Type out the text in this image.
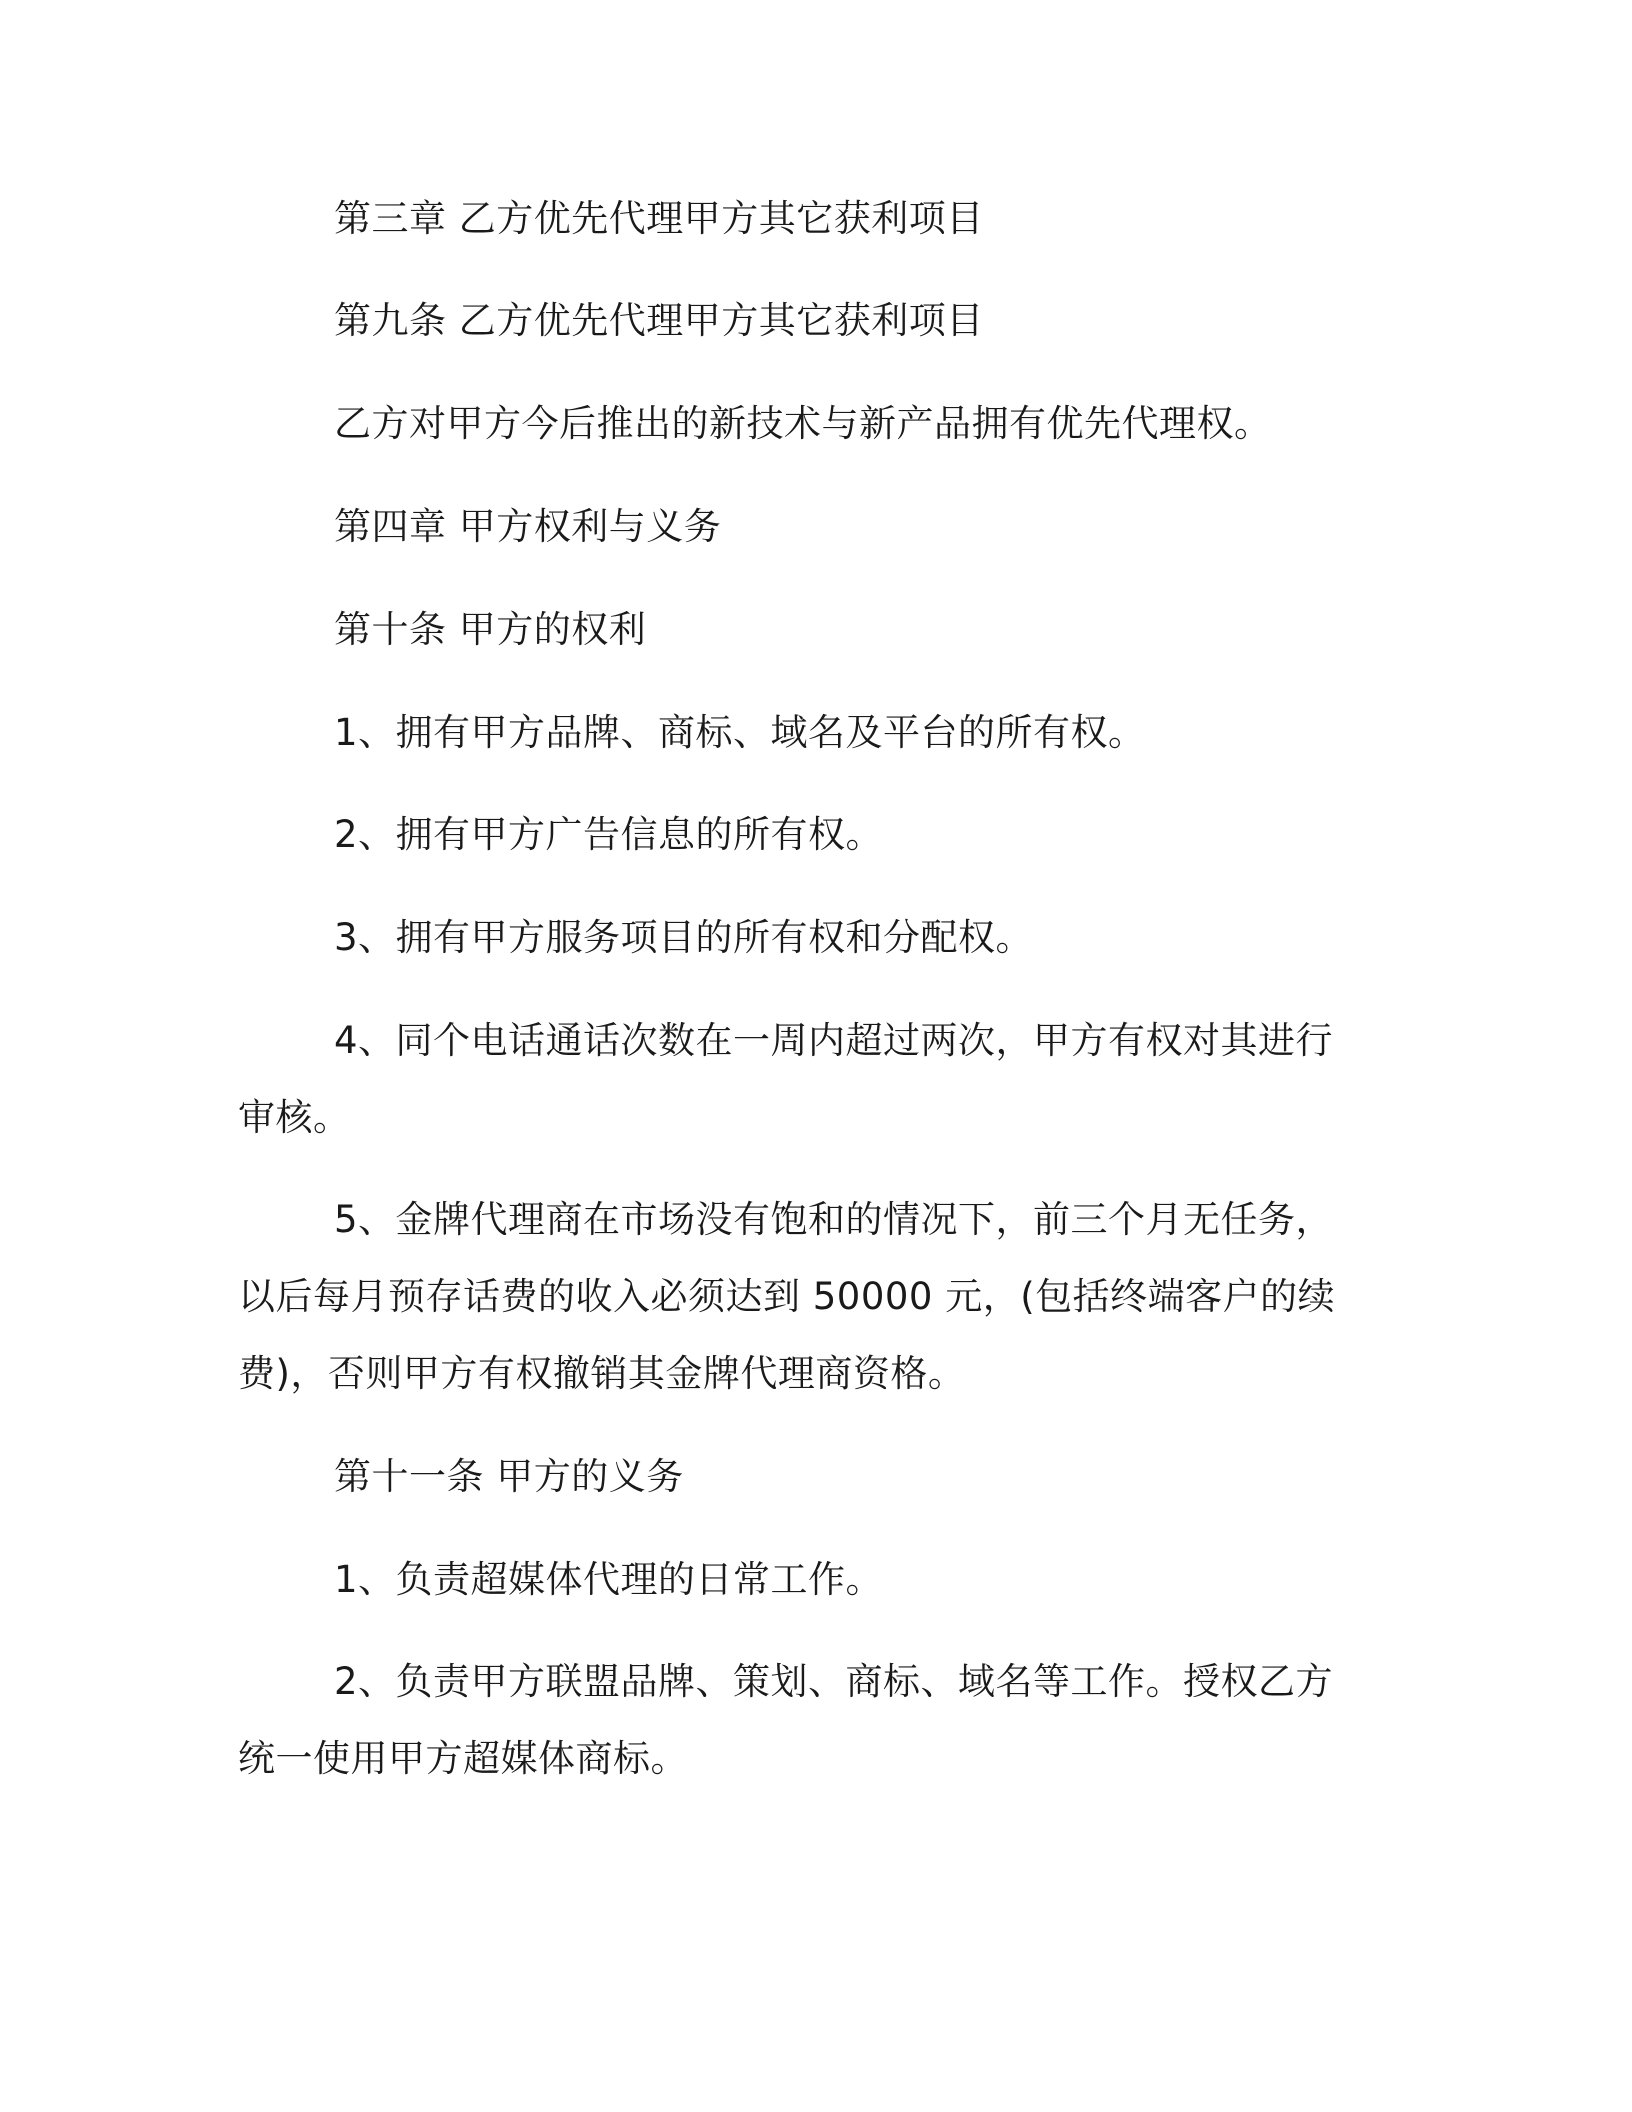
第三章 乙方优先代理甲方其它获利项目

第九条 乙方优先代理甲方其它获利项目

乙方对甲方今后推出的新技术与新产品拥有优先代理权。

第四章 甲方权利与义务

第十条 甲方的权利

1、拥有甲方品牌、商标、域名及平台的所有权。

2、拥有甲方广告信息的所有权。

3、拥有甲方服务项目的所有权和分配权。

4、同个电话通话次数在一周内超过两次，甲方有权对其进行审核。

5、金牌代理商在市场没有饱和的情况下，前三个月无任务，以后每月预存话费的收入必须达到 50000 元，(包括终端客户的续费)，否则甲方有权撤销其金牌代理商资格。

第十一条 甲方的义务

1、负责超媒体代理的日常工作。

2、负责甲方联盟品牌、策划、商标、域名等工作。授权乙方统一使用甲方超媒体商标。
